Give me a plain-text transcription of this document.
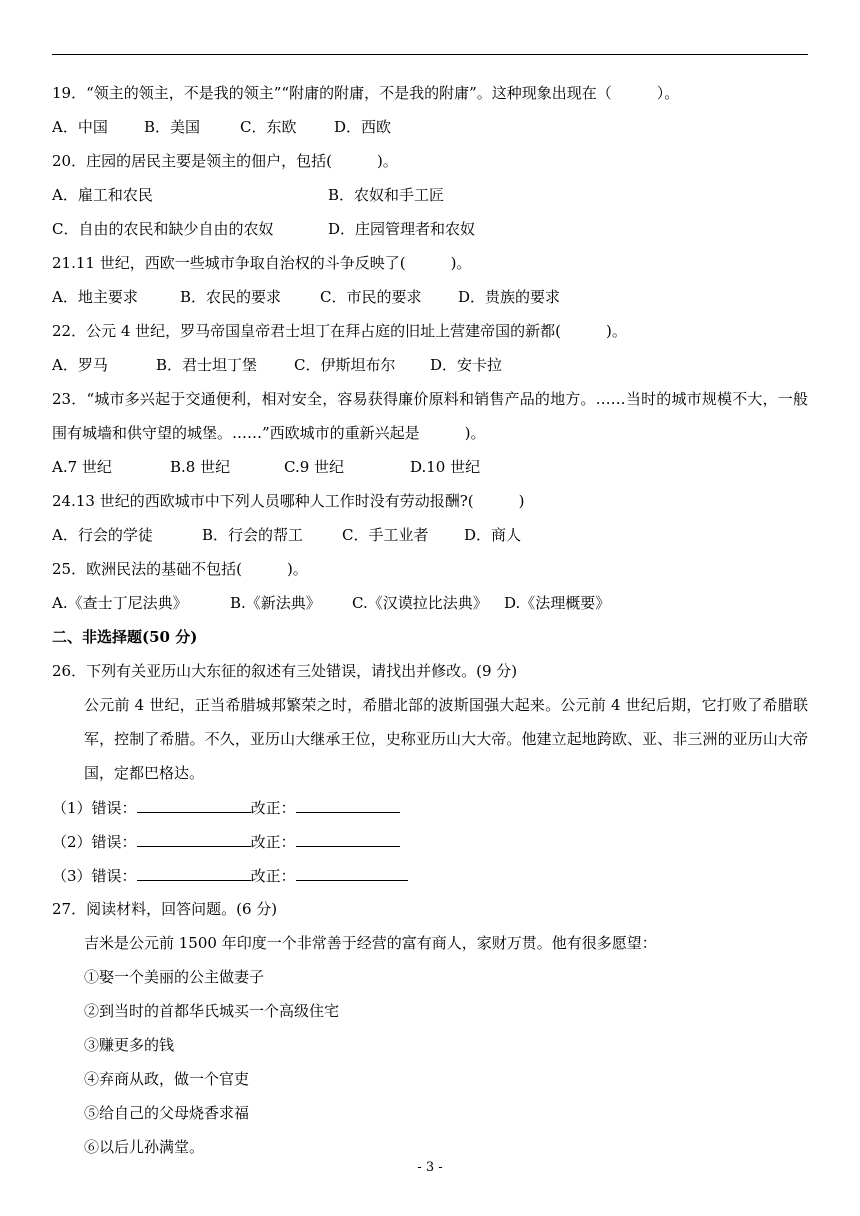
19．“领主的领主，不是我的领主”“附庸的附庸，不是我的附庸”。这种现象出现在（　　　）。
A．中国 B．美国	C．东欧	D．西欧
20．庄园的居民主要是领主的佃户，包括(　　　)。
A．雇工和农民	B．农奴和手工匠
C．自由的农民和缺少自由的农奴	D．庄园管理者和农奴
21.11 世纪，西欧一些城市争取自治权的斗争反映了(　　　)。
A．地主要求	B．农民的要求	C．市民的要求 D．贵族的要求
22．公元 4 世纪，罗马帝国皇帝君士坦丁在拜占庭的旧址上营建帝国的新都(　　　)。
A．罗马	B．君士坦丁堡 C．伊斯坦布尔 D．安卡拉
23．“城市多兴起于交通便利，相对安全，容易获得廉价原料和销售产品的地方。……当时的城市规模不大，一般围有城墙和供守望的城堡。……”西欧城市的重新兴起是　　　)。
A.7 世纪	B.8 世纪	C.9 世纪	D.10 世纪
24.13 世纪的西欧城市中下列人员哪种人工作时没有劳动报酬?(　　　)
A．行会的学徒	B．行会的帮工	C．手工业者 D．商人
25．欧洲民法的基础不包括(　　　)。
A.《查士丁尼法典》	B.《新法典》 C.《汉谟拉比法典》 D.《法理概要》
二、非选择题(50 分)
26．下列有关亚历山大东征的叙述有三处错误，请找出并修改。(9 分)
公元前 4 世纪，正当希腊城邦繁荣之时，希腊北部的波斯国强大起来。公元前 4 世纪后期，它打败了希腊联军，控制了希腊。不久，亚历山大继承王位，史称亚历山大大帝。他建立起地跨欧、亚、非三洲的亚历山大帝国，定都巴格达。
（1）错误：	改正：
（2）错误：	改正：
（3）错误：	改正：
27．阅读材料，回答问题。(6 分)
吉米是公元前 1500 年印度一个非常善于经营的富有商人，家财万贯。他有很多愿望：
①娶一个美丽的公主做妻子
②到当时的首都华氏城买一个高级住宅
③赚更多的钱
④弃商从政，做一个官吏
⑤给自己的父母烧香求福
⑥以后儿孙满堂。
- 3 -
